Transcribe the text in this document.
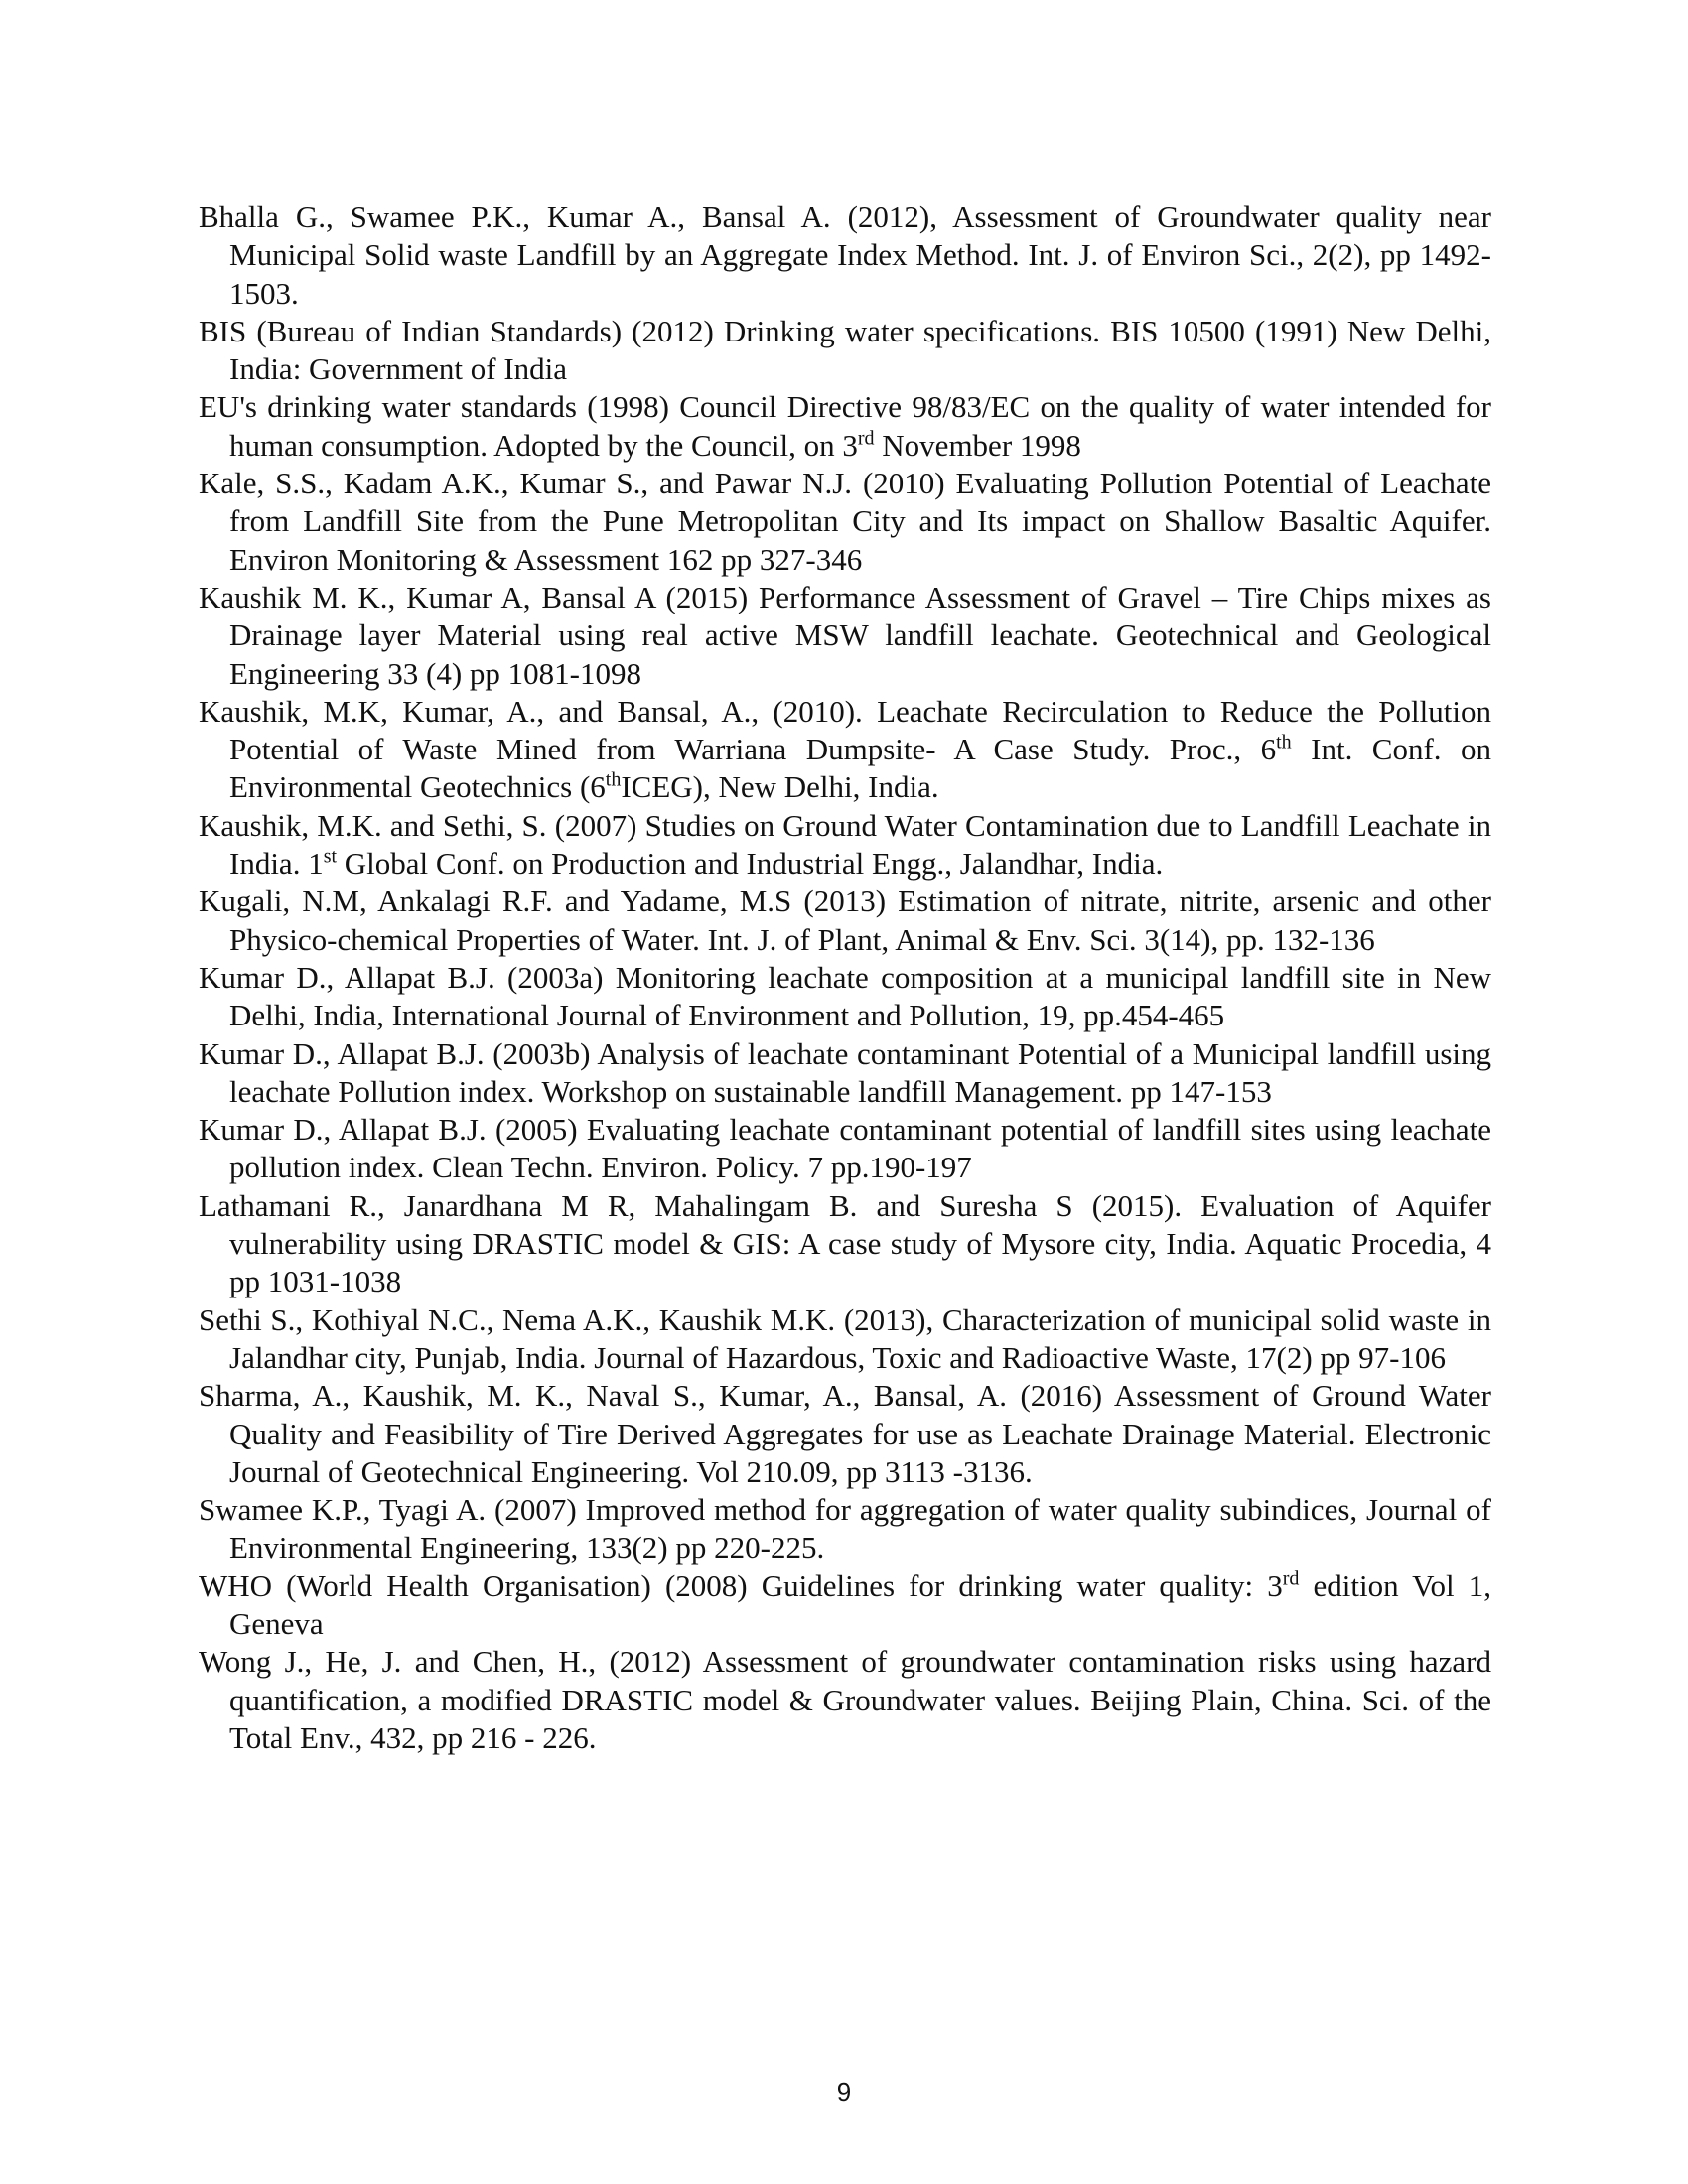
Bhalla G., Swamee P.K., Kumar A., Bansal A. (2012), Assessment of Groundwater quality near Municipal Solid waste Landfill by an Aggregate Index Method. Int. J. of Environ Sci., 2(2), pp 1492-1503.
BIS (Bureau of Indian Standards) (2012) Drinking water specifications. BIS 10500 (1991) New Delhi, India: Government of India
EU's drinking water standards (1998) Council Directive 98/83/EC on the quality of water intended for human consumption. Adopted by the Council, on 3rd November 1998
Kale, S.S., Kadam A.K., Kumar S., and Pawar N.J. (2010) Evaluating Pollution Potential of Leachate from Landfill Site from the Pune Metropolitan City and Its impact on Shallow Basaltic Aquifer. Environ Monitoring & Assessment 162 pp 327-346
Kaushik M. K., Kumar A, Bansal A (2015) Performance Assessment of Gravel – Tire Chips mixes as Drainage layer Material using real active MSW landfill leachate. Geotechnical and Geological Engineering 33 (4) pp 1081-1098
Kaushik, M.K, Kumar, A., and Bansal, A., (2010). Leachate Recirculation to Reduce the Pollution Potential of Waste Mined from Warriana Dumpsite- A Case Study. Proc., 6th Int. Conf. on Environmental Geotechnics (6thICEG), New Delhi, India.
Kaushik, M.K. and Sethi, S. (2007) Studies on Ground Water Contamination due to Landfill Leachate in India. 1st Global Conf. on Production and Industrial Engg., Jalandhar, India.
Kugali, N.M, Ankalagi R.F. and Yadame, M.S (2013) Estimation of nitrate, nitrite, arsenic and other Physico-chemical Properties of Water. Int. J. of Plant, Animal & Env. Sci. 3(14), pp. 132-136
Kumar D., Allapat B.J. (2003a) Monitoring leachate composition at a municipal landfill site in New Delhi, India, International Journal of Environment and Pollution, 19, pp.454-465
Kumar D., Allapat B.J. (2003b) Analysis of leachate contaminant Potential of a Municipal landfill using leachate Pollution index. Workshop on sustainable landfill Management. pp 147-153
Kumar D., Allapat B.J. (2005) Evaluating leachate contaminant potential of landfill sites using leachate pollution index. Clean Techn. Environ. Policy. 7 pp.190-197
Lathamani R., Janardhana M R, Mahalingam B. and Suresha S (2015). Evaluation of Aquifer vulnerability using DRASTIC model & GIS: A case study of Mysore city, India. Aquatic Procedia, 4 pp 1031-1038
Sethi S., Kothiyal N.C., Nema A.K., Kaushik M.K. (2013), Characterization of municipal solid waste in Jalandhar city, Punjab, India. Journal of Hazardous, Toxic and Radioactive Waste, 17(2) pp 97-106
Sharma, A., Kaushik, M. K., Naval S., Kumar, A., Bansal, A. (2016) Assessment of Ground Water Quality and Feasibility of Tire Derived Aggregates for use as Leachate Drainage Material. Electronic Journal of Geotechnical Engineering. Vol 210.09, pp 3113 -3136.
Swamee K.P., Tyagi A. (2007) Improved method for aggregation of water quality subindices, Journal of Environmental Engineering, 133(2) pp 220-225.
WHO (World Health Organisation) (2008) Guidelines for drinking water quality: 3rd edition Vol 1, Geneva
Wong J., He, J. and Chen, H., (2012) Assessment of groundwater contamination risks using hazard quantification, a modified DRASTIC model & Groundwater values. Beijing Plain, China. Sci. of the Total Env., 432, pp 216 - 226.
9
